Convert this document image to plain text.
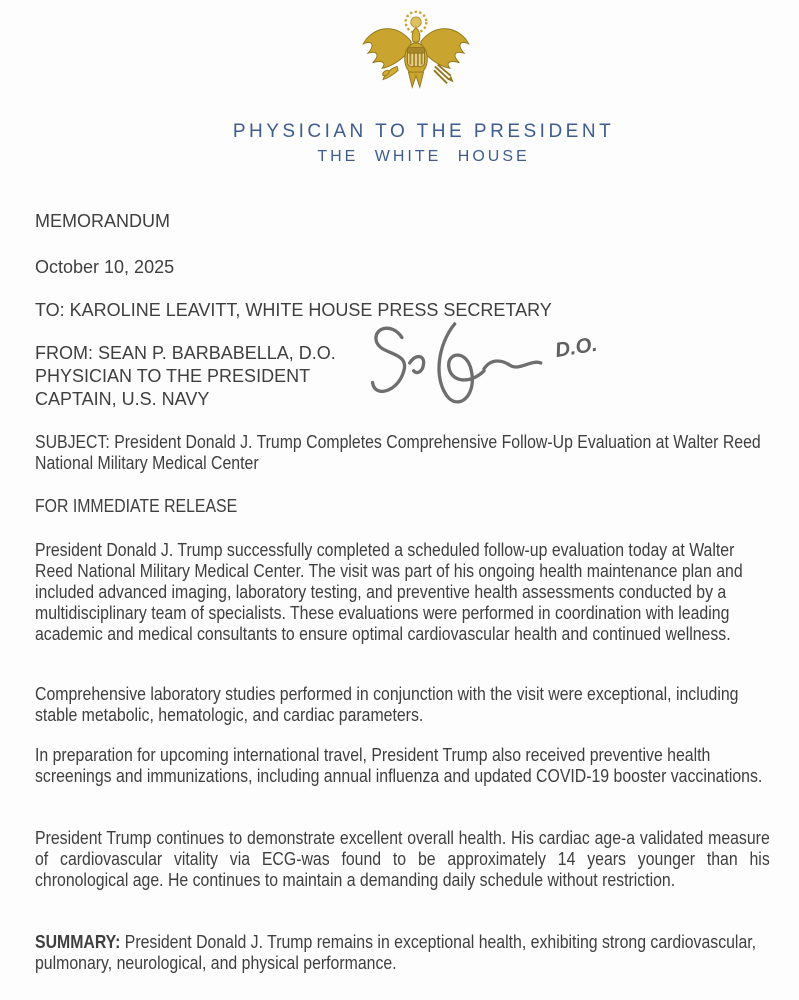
PHYSICIAN TO THE PRESIDENT
THE WHITE HOUSE
MEMORANDUM
October 10, 2025
TO: KAROLINE LEAVITT, WHITE HOUSE PRESS SECRETARY
FROM: SEAN P. BARBABELLA, D.O.
PHYSICIAN TO THE PRESIDENT
CAPTAIN, U.S. NAVY
D.O.
SUBJECT: President Donald J. Trump Completes Comprehensive Follow-Up Evaluation at Walter Reed National Military Medical Center
FOR IMMEDIATE RELEASE
President Donald J. Trump successfully completed a scheduled follow-up evaluation today at Walter Reed National Military Medical Center. The visit was part of his ongoing health maintenance plan and included advanced imaging, laboratory testing, and preventive health assessments conducted by a multidisciplinary team of specialists. These evaluations were performed in coordination with leading academic and medical consultants to ensure optimal cardiovascular health and continued wellness.
Comprehensive laboratory studies performed in conjunction with the visit were exceptional, including stable metabolic, hematologic, and cardiac parameters.
In preparation for upcoming international travel, President Trump also received preventive health screenings and immunizations, including annual influenza and updated COVID-19 booster vaccinations.
President Trump continues to demonstrate excellent overall health. His cardiac age-a validated measure of cardiovascular vitality via ECG-was found to be approximately 14 years younger than his chronological age. He continues to maintain a demanding daily schedule without restriction.
SUMMARY: President Donald J. Trump remains in exceptional health, exhibiting strong cardiovascular, pulmonary, neurological, and physical performance.
